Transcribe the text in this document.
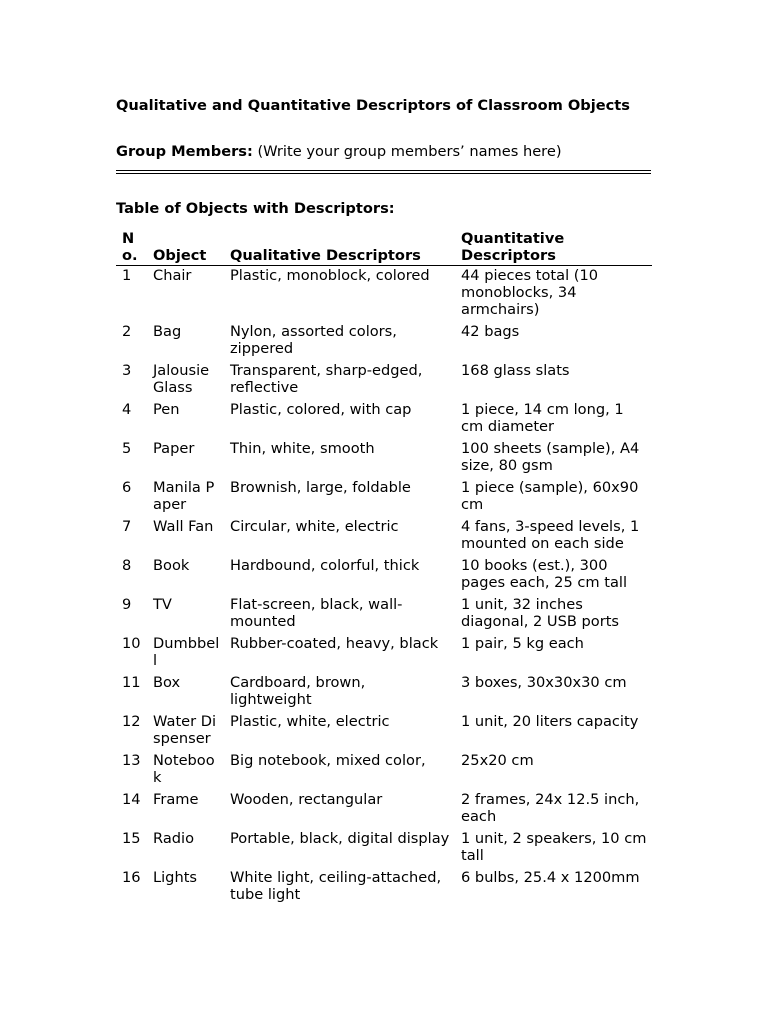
Qualitative and Quantitative Descriptors of Classroom Objects

Group Members: (Write your group members’ names here)

Table of Objects with Descriptors:
No.	Object	Qualitative Descriptors	Quantitative Descriptors
1	Chair	Plastic, monoblock, colored	44 pieces total (10 monoblocks, 34 armchairs)
2	Bag	Nylon, assorted colors, zippered	42 bags
3	Jalousie Glass	Transparent, sharp-edged, reflective	168 glass slats
4	Pen	Plastic, colored, with cap	1 piece, 14 cm long, 1 cm diameter
5	Paper	Thin, white, smooth	100 sheets (sample), A4 size, 80 gsm
6	Manila Paper	Brownish, large, foldable	1 piece (sample), 60x90 cm
7	Wall Fan	Circular, white, electric	4 fans, 3-speed levels, 1 mounted on each side
8	Book	Hardbound, colorful, thick	10 books (est.), 300 pages each, 25 cm tall
9	TV	Flat-screen, black, wall-mounted	1 unit, 32 inches diagonal, 2 USB ports
10	Dumbbell	Rubber-coated, heavy, black	1 pair, 5 kg each
11	Box	Cardboard, brown, lightweight	3 boxes, 30x30x30 cm
12	Water Dispenser	Plastic, white, electric	1 unit, 20 liters capacity
13	Notebook	Big notebook, mixed color,	25x20 cm
14	Frame	Wooden, rectangular	2 frames, 24x 12.5 inch, each
15	Radio	Portable, black, digital display	1 unit, 2 speakers, 10 cm tall
16	Lights	White light, ceiling-attached, tube light	6 bulbs, 25.4 x 1200mm
